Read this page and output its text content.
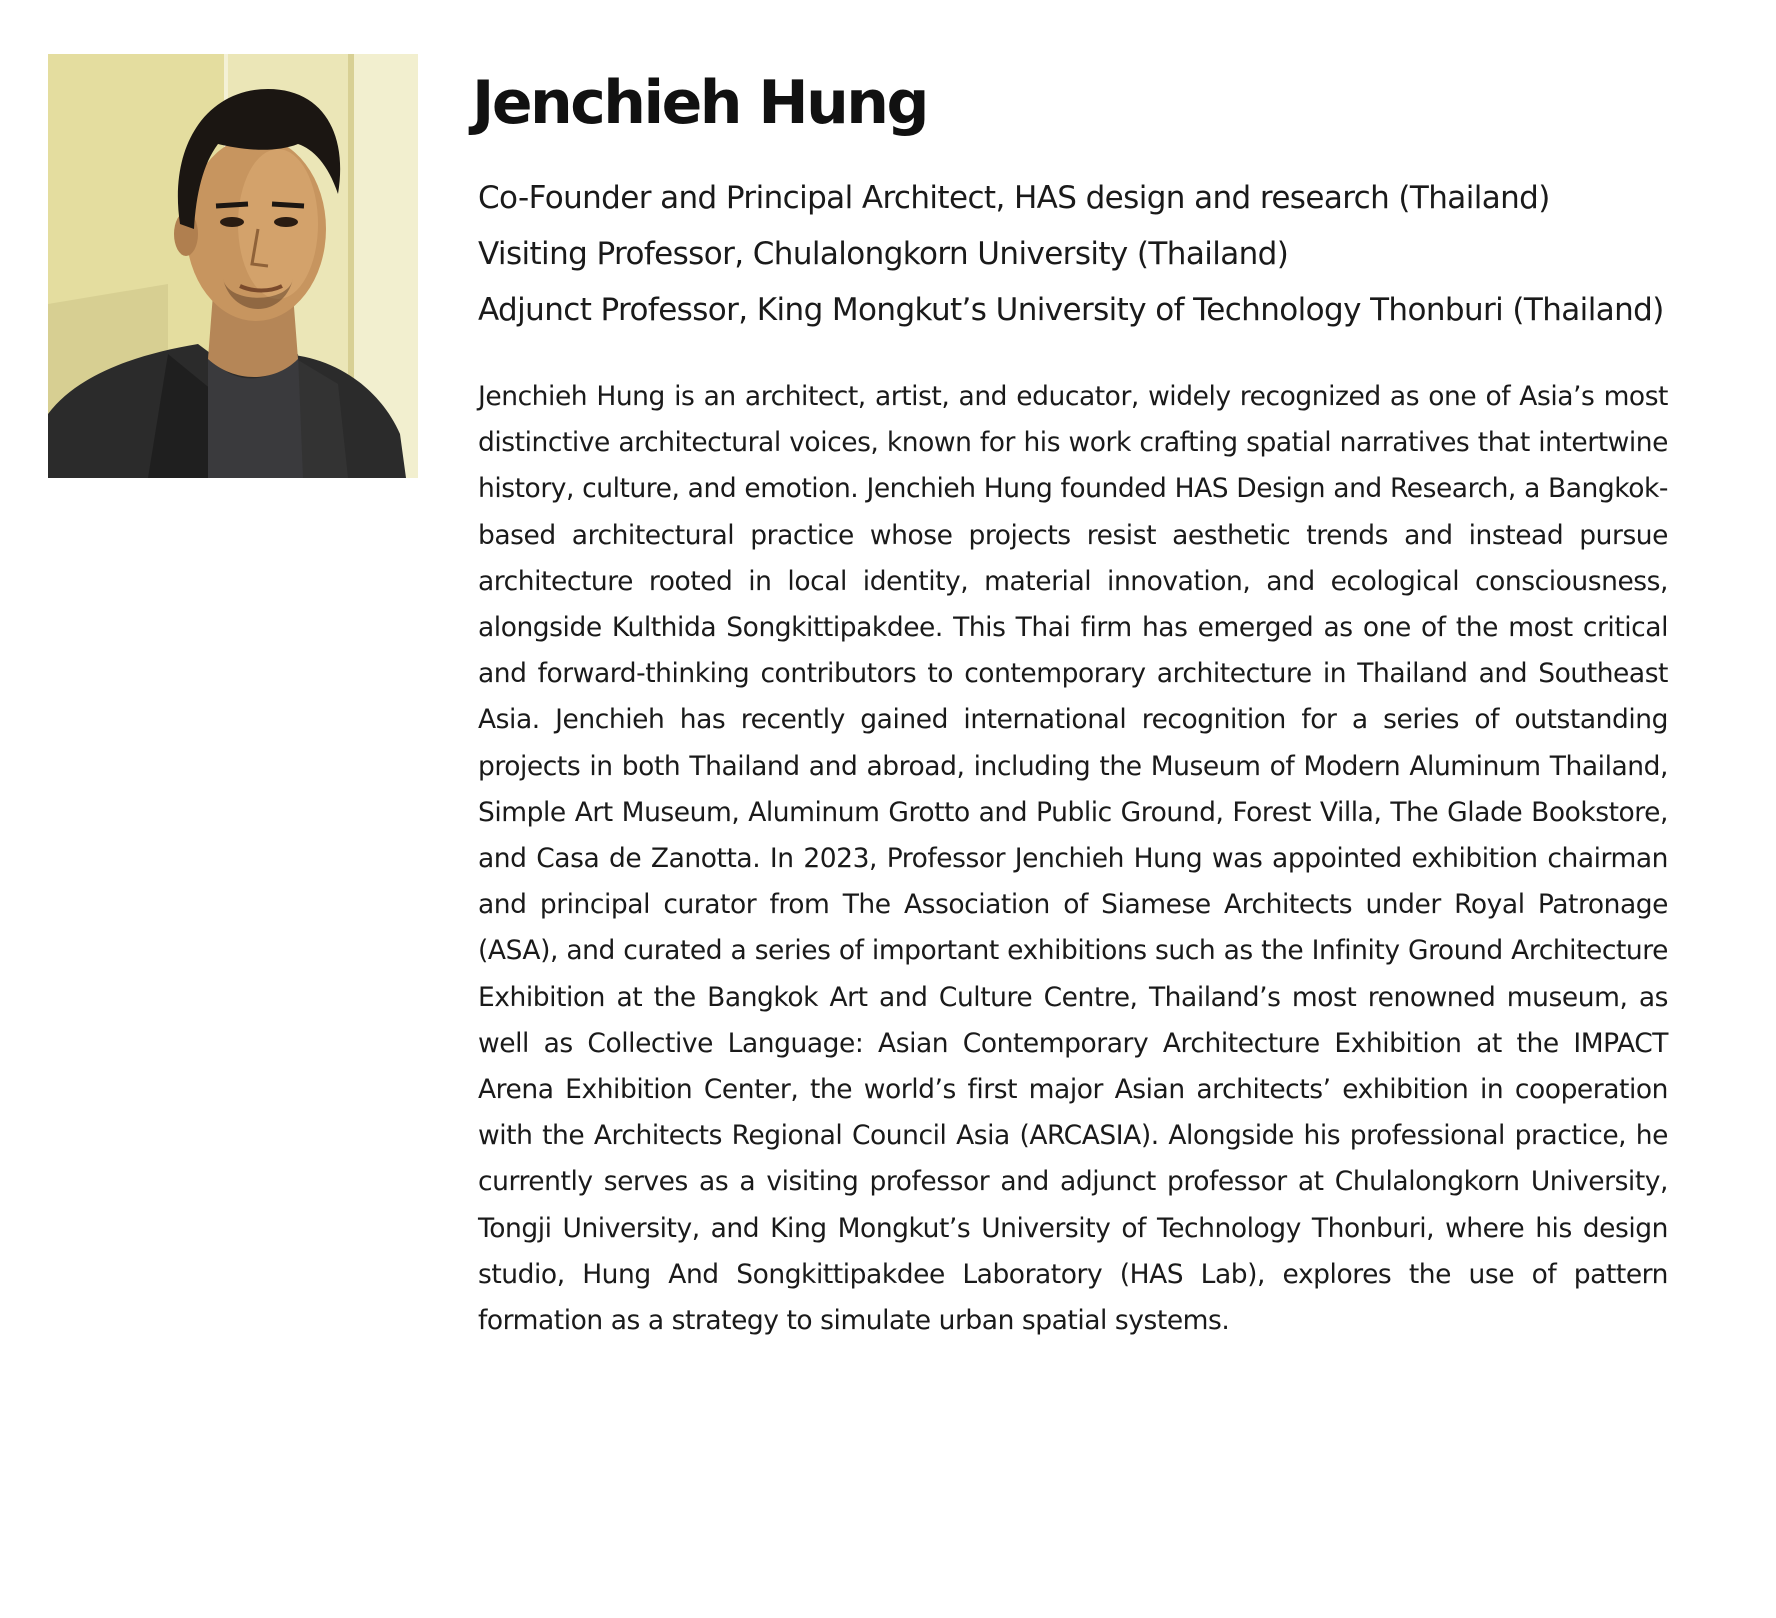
Jenchieh Hung
Co-Founder and Principal Architect, HAS design and research (Thailand)
Visiting Professor, Chulalongkorn University (Thailand)
Adjunct Professor, King Mongkut’s University of Technology Thonburi (Thailand)

Jenchieh Hung is an architect, artist, and educator, widely recognized as one of Asia’s most distinctive architectural voices, known for his work crafting spatial narratives that intertwine history, culture, and emotion. Jenchieh Hung founded HAS Design and Research, a Bangkok-based architectural practice whose projects resist aesthetic trends and instead pursue architecture rooted in local identity, material innovation, and ecological consciousness, alongside Kulthida Songkittipakdee. This Thai firm has emerged as one of the most critical and forward-thinking contributors to contemporary architecture in Thailand and Southeast Asia. Jenchieh has recently gained international recognition for a series of outstanding projects in both Thailand and abroad, including the Museum of Modern Aluminum Thailand, Simple Art Museum, Aluminum Grotto and Public Ground, Forest Villa, The Glade Bookstore, and Casa de Zanotta. In 2023, Professor Jenchieh Hung was appointed exhibition chairman and principal curator from The Association of Siamese Architects under Royal Patronage (ASA), and curated a series of important exhibitions such as the Infinity Ground Architecture Exhibition at the Bangkok Art and Culture Centre, Thailand’s most renowned museum, as well as Collective Language: Asian Contemporary Architecture Exhibition at the IMPACT Arena Exhibition Center, the world’s first major Asian architects’ exhibition in cooperation with the Architects Regional Council Asia (ARCASIA). Alongside his professional practice, he currently serves as a visiting professor and adjunct professor at Chulalongkorn University, Tongji University, and King Mongkut’s University of Technology Thonburi, where his design studio, Hung And Songkittipakdee Laboratory (HAS Lab), explores the use of pattern formation as a strategy to simulate urban spatial systems.
